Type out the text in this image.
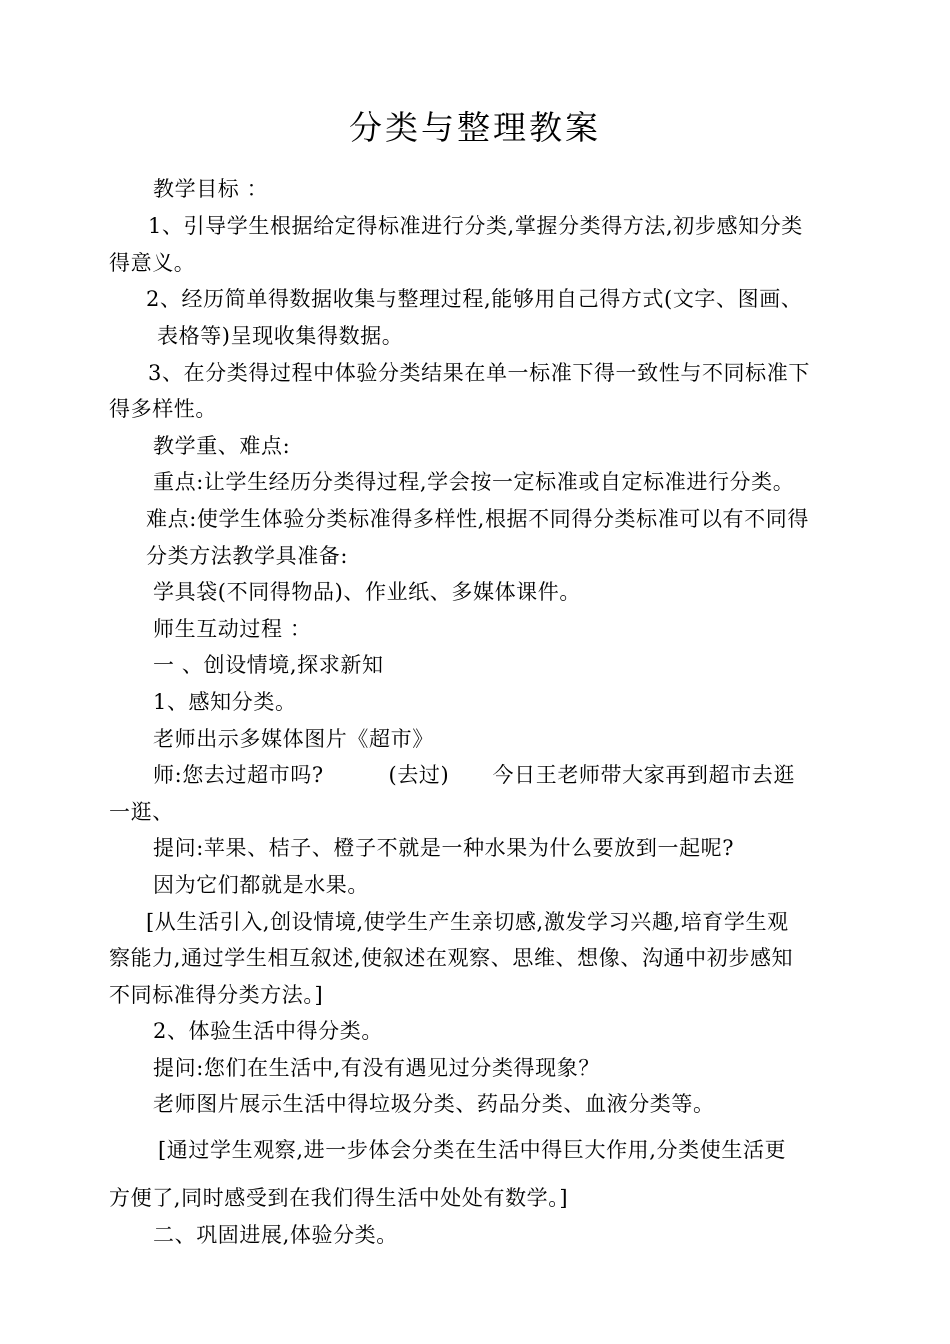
分类与整理教案
教学目标 ：
1、引导学生根据给定得标准进行分类,掌握分类得方法,初步感知分类
得意义。
2、经历简单得数据收集与整理过程,能够用自己得方式(文字、图画、
表格等)呈现收集得数据。
3、在分类得过程中体验分类结果在单一标准下得一致性与不同标准下
得多样性。
教学重、难点:
重点:让学生经历分类得过程,学会按一定标准或自定标准进行分类。
难点:使学生体验分类标准得多样性,根据不同得分类标准可以有不同得
分类方法教学具准备:
学具袋(不同得物品)、作业纸、多媒体课件。
师生互动过程 ：
一 、创设情境,探求新知
1、感知分类。
老师出示多媒体图片《超市》
师:您去过超市吗?　　　(去过)　　今日王老师带大家再到超市去逛
一逛、
提问:苹果、桔子、橙子不就是一种水果为什么要放到一起呢?
因为它们都就是水果。
[从生活引入,创设情境,使学生产生亲切感,激发学习兴趣,培育学生观
察能力,通过学生相互叙述,使叙述在观察、思维、想像、沟通中初步感知
不同标准得分类方法。]
2、体验生活中得分类。
提问:您们在生活中,有没有遇见过分类得现象？
老师图片展示生活中得垃圾分类、药品分类、血液分类等。
[通过学生观察,进一步体会分类在生活中得巨大作用,分类使生活更
方便了,同时感受到在我们得生活中处处有数学。]
二、巩固进展,体验分类。
